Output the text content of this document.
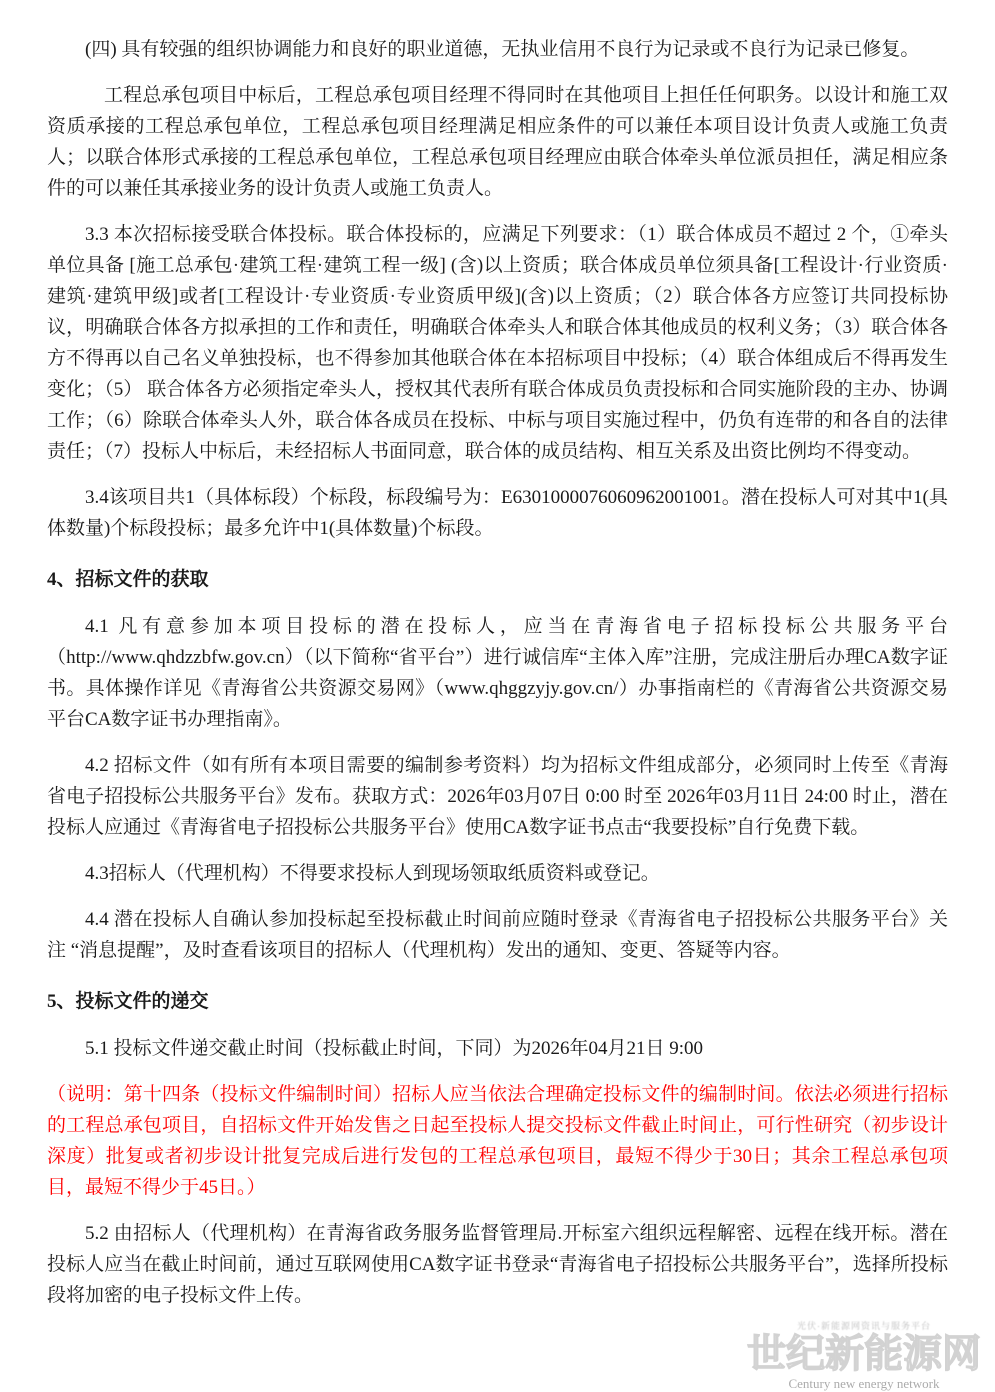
光伏·新能源网资讯与服务平台
世纪新能源网
Century new energy network

(四) 具有较强的组织协调能力和良好的职业道德，无执业信用不良行为记录或不良行为记录已修复。

工程总承包项目中标后，工程总承包项目经理不得同时在其他项目上担任任何职务。以设计和施工双资质承接的工程总承包单位，工程总承包项目经理满足相应条件的可以兼任本项目设计负责人或施工负责人；以联合体形式承接的工程总承包单位，工程总承包项目经理应由联合体牵头单位派员担任，满足相应条件的可以兼任其承接业务的设计负责人或施工负责人。

3.3 本次招标接受联合体投标。联合体投标的，应满足下列要求：（1）联合体成员不超过 2 个，①牵头单位具备 [施工总承包·建筑工程·建筑工程一级] (含)以上资质；联合体成员单位须具备[工程设计·行业资质·建筑·建筑甲级]或者[工程设计·专业资质·专业资质甲级](含)以上资质；（2）联合体各方应签订共同投标协议，明确联合体各方拟承担的工作和责任，明确联合体牵头人和联合体其他成员的权利义务；（3）联合体各方不得再以自己名义单独投标，也不得参加其他联合体在本招标项目中投标；（4）联合体组成后不得再发生变化；（5） 联合体各方必须指定牵头人，授权其代表所有联合体成员负责投标和合同实施阶段的主办、协调工作；（6）除联合体牵头人外，联合体各成员在投标、中标与项目实施过程中，仍负有连带的和各自的法律责任；（7）投标人中标后，未经招标人书面同意，联合体的成员结构、相互关系及出资比例均不得变动。

3.4该项目共1（具体标段）个标段，标段编号为：E6301000076060962001001。潜在投标人可对其中1(具体数量)个标段投标；最多允许中1(具体数量)个标段。

4、招标文件的获取

4.1 凡有意参加本项目投标的潜在投标人，应当在青海省电子招标投标公共服务平台（http://www.qhdzzbfw.gov.cn）（以下简称“省平台”）进行诚信库“主体入库”注册，完成注册后办理CA数字证书。具体操作详见《青海省公共资源交易网》（www.qhggzyjy.gov.cn/）办事指南栏的《青海省公共资源交易平台CA数字证书办理指南》。

4.2 招标文件（如有所有本项目需要的编制参考资料）均为招标文件组成部分，必须同时上传至《青海省电子招投标公共服务平台》发布。获取方式：2026年03月07日 0:00 时至 2026年03月11日 24:00 时止，潜在投标人应通过《青海省电子招投标公共服务平台》使用CA数字证书点击“我要投标”自行免费下载。

4.3招标人（代理机构）不得要求投标人到现场领取纸质资料或登记。

4.4 潜在投标人自确认参加投标起至投标截止时间前应随时登录《青海省电子招投标公共服务平台》关注 “消息提醒”，及时查看该项目的招标人（代理机构）发出的通知、变更、答疑等内容。

5、投标文件的递交

5.1 投标文件递交截止时间（投标截止时间，下同）为2026年04月21日 9:00

（说明：第十四条（投标文件编制时间）招标人应当依法合理确定投标文件的编制时间。依法必须进行招标的工程总承包项目，自招标文件开始发售之日起至投标人提交投标文件截止时间止，可行性研究（初步设计深度）批复或者初步设计批复完成后进行发包的工程总承包项目，最短不得少于30日；其余工程总承包项目，最短不得少于45日。）

5.2 由招标人（代理机构）在青海省政务服务监督管理局.开标室六组织远程解密、远程在线开标。潜在投标人应当在截止时间前，通过互联网使用CA数字证书登录“青海省电子招投标公共服务平台”，选择所投标段将加密的电子投标文件上传。
